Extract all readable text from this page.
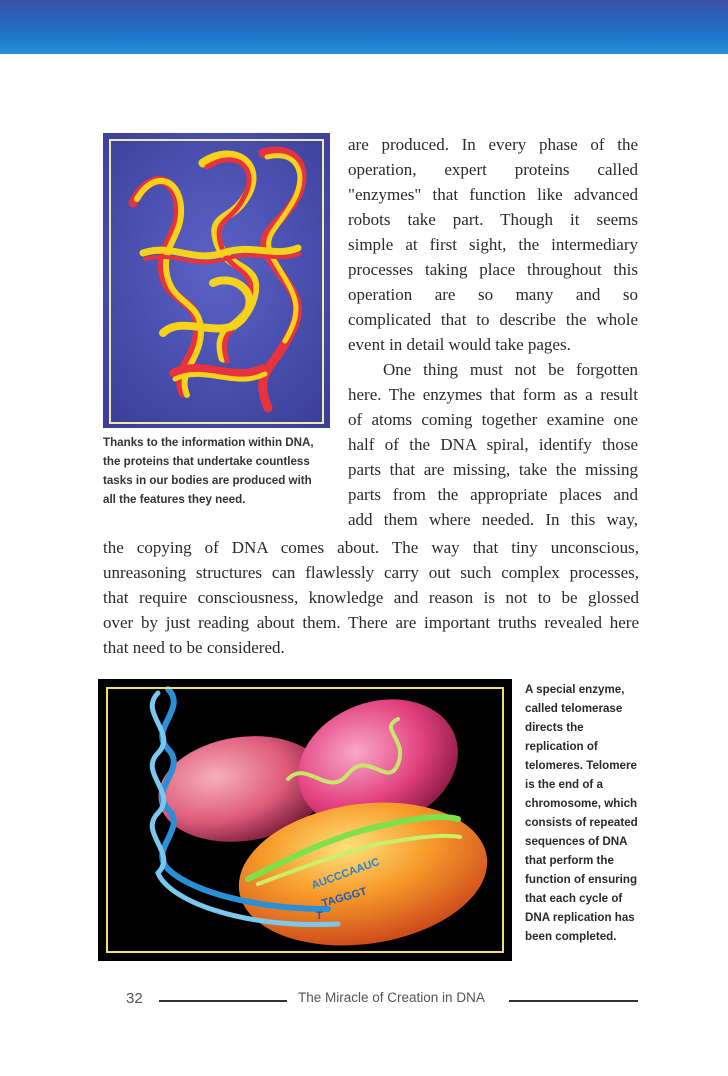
Thanks to the information within DNA,
the proteins that undertake countless
tasks in our bodies are produced with
all the features they need.

are produced. In every phase of the
operation, expert proteins called
"enzymes" that function like advanced
robots take part. Though it seems
simple at first sight, the intermediary
processes taking place throughout this
operation are so many and so
complicated that to describe the whole
event in detail would take pages.

One thing must not be forgotten
here. The enzymes that form as a result
of atoms coming together examine one
half of the DNA spiral, identify those
parts that are missing, take the missing
parts from the appropriate places and
add them where needed. In this way,

the copying of DNA comes about. The way that tiny unconscious,
unreasoning structures can flawlessly carry out such complex processes,
that require consciousness, knowledge and reason is not to be glossed
over by just reading about them. There are important truths revealed here
that need to be considered.

AUCCCAAUC
TAGGGT
T
A special enzyme,
called telomerase
directs the
replication of
telomeres. Telomere
is the end of a
chromosome, which
consists of repeated
sequences of DNA
that perform the
function of ensuring
that each cycle of
DNA replication has
been completed.
32	The Miracle of Creation in DNA
